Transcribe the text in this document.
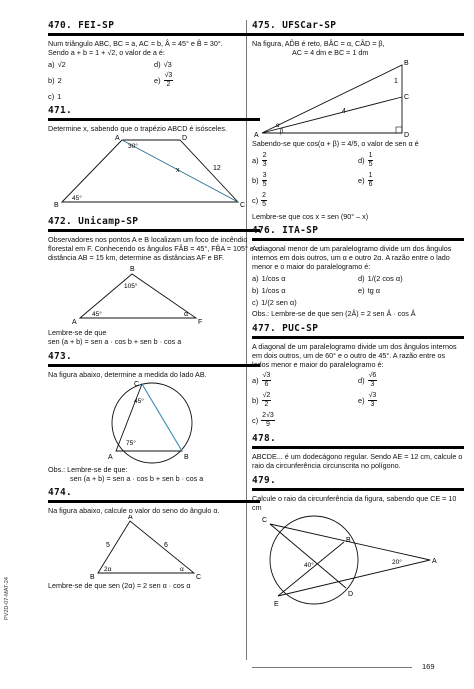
470. FEI-SP

Num triângulo ABC, BC = a, AC = b, Â = 45° e B̂ = 30°.

Sendo a + b = 1 + √2, o valor de a é:

a) √2	d) √3
b) 2	$e) \frac{√3}{2}$
c) 1
471.

Determine x, sabendo que o trapézio ABCD é isósceles.

A	D
B	C
30°
45°
x	12
472. Unicamp-SP

Observadores nos pontos A e B localizam um foco de incêndio florestal em F. Conhecendo os ângulos FÂB = 45°, FB̂A = 105° e a distância AB = 15 km, determine as distâncias AF e BF.

B
A	F
105°
45°	α

Lembre-se de que

sen (a + b) = sen a · cos b + sen b · cos a

473.

Na figura abaixo, determine a medida do lado AB.

C
A	B
45°
75°

Obs.: Lembre-se de que:

sen (a + b) = sen a · cos b + sen b · cos a

474.

Na figura abaixo, calcule o valor do seno do ângulo α.

A
B	C
5	6
2α	α

Lembre-se de que sen (2α) = 2 sen α · cos α

475. UFSCar-SP

Na figura, AD̂B é reto, BÂC = α, CÂD = β,

AC = 4 dm e BC = 1 dm

B
C
A	D
1
4
α
β

Sabendo-se que cos(α + β) = 4/5, o valor de sen α é

$a) \frac{2}{3}$	$d) \frac{1}{5}$
$b) \frac{3}{5}$	$e) \frac{1}{6}$
$c) \frac{2}{5}$

Lembre-se que cos x = sen (90° – x)

476. ITA-SP

A diagonal menor de um paralelogramo divide um dos ângulos internos em dois outros, um α e outro 2α. A razão entre o lado menor e o maior do paralelogramo é:

a) 1/cos α	d) 1/(2 cos α)
b) 1/cos α	e) tg α
c) 1/(2 sen α)

Obs.: Lembre-se de que sen (2Â) = 2 sen Â · cos Â

477. PUC-SP

A diagonal de um paralelogramo divide um dos ângulos internos em dois outros, um de 60° e o outro de 45°. A razão entre os lados menor e maior do paralelogramo é:

$a) \frac{√3}{6}$	$d) \frac{√6}{3}$
$b) \frac{√2}{2}$	$e) \frac{√3}{3}$
$c) \frac{2√3}{9}$
478.

ABCDE... é um dodecágono regular. Sendo AE = 12 cm, calcule o raio da circunferência circunscrita no polígono.

479.

Calcule o raio da circunferência da figura, sabendo que CE = 10 cm

C
B
D
E
A
40°	20°
169
PV2D-07-MAT-24
